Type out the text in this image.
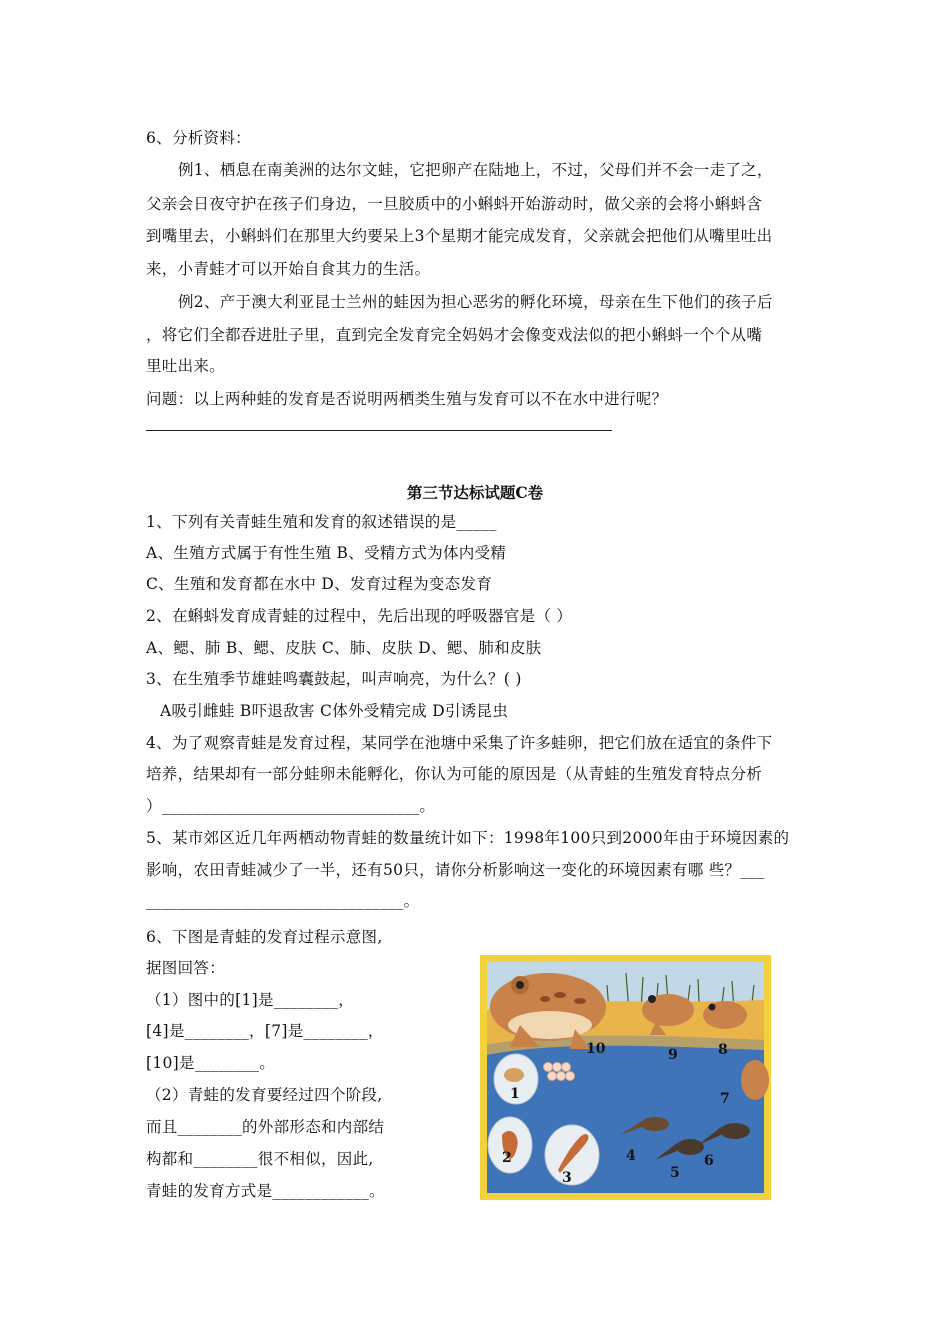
6、分析资料：
例1、栖息在南美洲的达尔文蛙，它把卵产在陆地上，不过，父母们并不会一走了之，
父亲会日夜守护在孩子们身边，一旦胶质中的小蝌蚪开始游动时，做父亲的会将小蝌蚪含
到嘴里去，小蝌蚪们在那里大约要呆上3个星期才能完成发育，父亲就会把他们从嘴里吐出
来，小青蛙才可以开始自食其力的生活。
例2、产于澳大利亚昆士兰州的蛙因为担心恶劣的孵化环境，母亲在生下他们的孩子后
，将它们全都吞进肚子里，直到完全发育完全妈妈才会像变戏法似的把小蝌蚪一个个从嘴
里吐出来。
问题：以上两种蛙的发育是否说明两栖类生殖与发育可以不在水中进行呢？
第三节达标试题C卷
1、下列有关青蛙生殖和发育的叙述错误的是_____
A、生殖方式属于有性生殖 B、受精方式为体内受精
C、生殖和发育都在水中 D、发育过程为变态发育
2、在蝌蚪发育成青蛙的过程中，先后出现的呼吸器官是（ ）
A、鳃、肺 B、鳃、皮肤 C、肺、皮肤 D、鳃、肺和皮肤
3、在生殖季节雄蛙鸣囊鼓起，叫声响亮，为什么？( )
A吸引雌蛙 B吓退敌害 C体外受精完成 D引诱昆虫
4、为了观察青蛙是发育过程，某同学在池塘中采集了许多蛙卵，把它们放在适宜的条件下
培养，结果却有一部分蛙卵未能孵化，你认为可能的原因是（从青蛙的生殖发育特点分析
）________________________________。
5、某市郊区近几年两栖动物青蛙的数量统计如下：1998年100只到2000年由于环境因素的
影响，农田青蛙减少了一半，还有50只，请你分析影响这一变化的环境因素有哪 些？___
________________________________。
6、下图是青蛙的发育过程示意图,
据图回答：
（1）图中的[1]是________，
[4]是________，[7]是________，
[10]是________。
（2）青蛙的发育要经过四个阶段,
而且________的外部形态和内部结
构都和________很不相似，因此,
青蛙的发育方式是____________。
1
2
3
4
5
6
7
8
9
10
